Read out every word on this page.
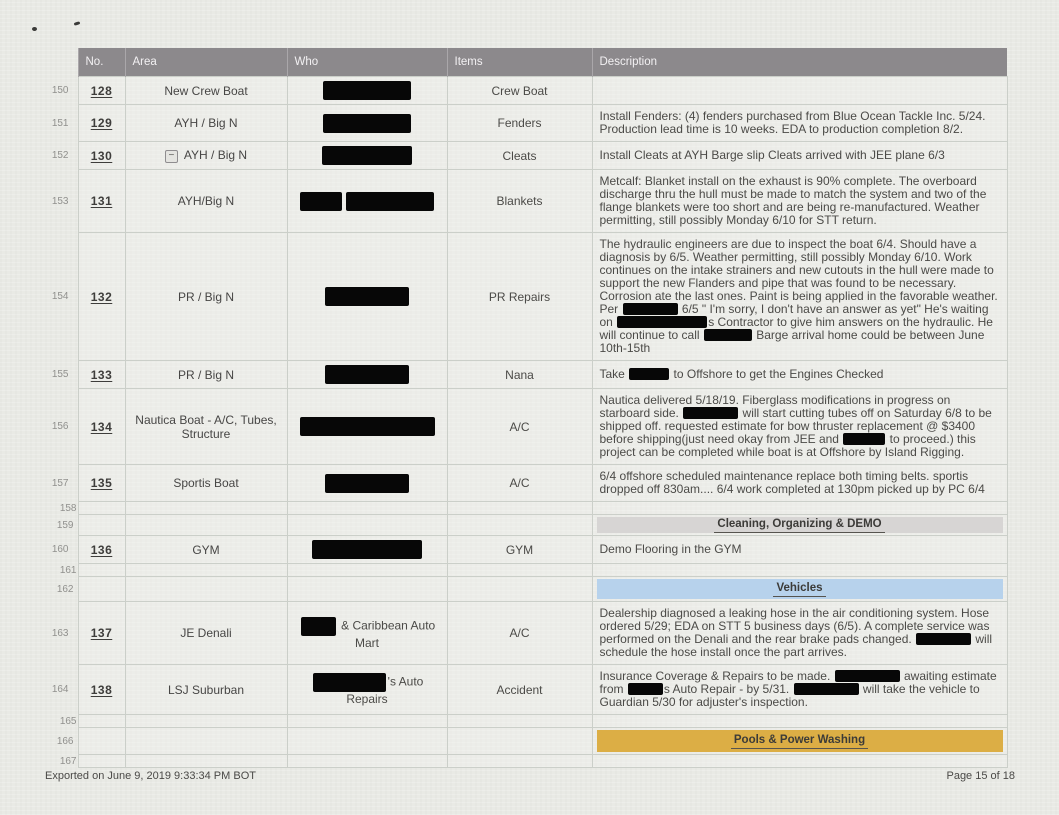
	No.	Area	Who	Items	Description
150	128	New Crew Boat		Crew Boat	
151	129	AYH / Big N		Fenders	Install Fenders: (4) fenders purchased from Blue Ocean Tackle Inc. 5/24. Production lead time is 10 weeks. EDA to production completion 8/2.
152	130	− AYH / Big N		Cleats	Install Cleats at AYH Barge slip Cleats arrived with JEE plane 6/3
153	131	AYH/Big N		Blankets	Metcalf: Blanket install on the exhaust is 90% complete. The overboard discharge thru the hull must be made to match the system and two of the flange blankets were too short and are being re-manufactured. Weather permitting, still possibly Monday 6/10 for STT return.
154	132	PR / Big N		PR Repairs	The hydraulic engineers are due to inspect the boat 6/4. Should have a diagnosis by 6/5. Weather permitting, still possibly Monday 6/10. Work continues on the intake strainers and new cutouts in the hull were made to support the new Flanders and pipe that was found to be necessary. Corrosion ate the last ones. Paint is being applied in the favorable weather. Per 6/5 " I'm sorry, I don't have an answer as yet" He's waiting on s Contractor to give him answers on the hydraulic. He will continue to call Barge arrival home could be between June 10th-15th
155	133	PR / Big N		Nana	Take to Offshore to get the Engines Checked
156	134	Nautica Boat - A/C, Tubes, Structure		A/C	Nautica delivered 5/18/19. Fiberglass modifications in progress on starboard side. will start cutting tubes off on Saturday 6/8 to be shipped off. requested estimate for bow thruster replacement @ $3400 before shipping(just need okay from JEE and to proceed.) this project can be completed while boat is at Offshore by Island Rigging.
157	135	Sportis Boat		A/C	6/4 offshore scheduled maintenance replace both timing belts. sportis dropped off 830am.... 6/4 work completed at 130pm picked up by PC 6/4
158					
159					Cleaning, Organizing & DEMO

160	136	GYM		GYM	Demo Flooring in the GYM
161					
162					Vehicles

163	137	JE Denali	& Caribbean Auto Mart	A/C	Dealership diagnosed a leaking hose in the air conditioning system. Hose ordered 5/29; EDA on STT 5 business days (6/5). A complete service was performed on the Denali and the rear brake pads changed. will schedule the hose install once the part arrives.
164	138	LSJ Suburban	's Auto Repairs	Accident	Insurance Coverage & Repairs to be made. awaiting estimate from s Auto Repair - by 5/31. will take the vehicle to Guardian 5/30 for adjuster's inspection.
165					
166					Pools & Power Washing

167					
Exported on June 9, 2019 9:33:34 PM BOT	Page 15 of 18
